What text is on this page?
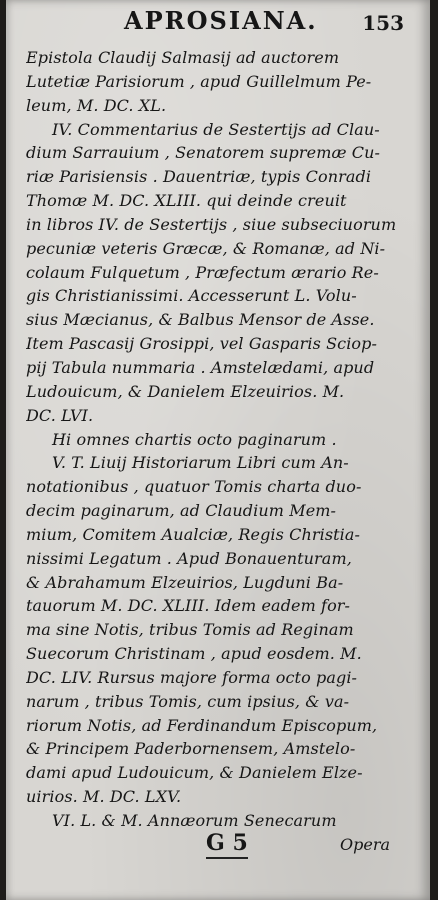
APROSIANA. 153
Epistola Claudij Salmasij ad auctorem
Lutetiæ Parisiorum , apud Guillelmum Pe-
leum, M. DC. XL.
IV. Commentarius de Sestertijs ad Clau-
dium Sarrauium , Senatorem supremæ Cu-
riæ Parisiensis . Dauentriæ, typis Conradi
Thomæ M. DC. XLIII. qui deinde creuit
in libros IV. de Sestertijs , siue subseciuorum
pecuniæ veteris Græcæ, & Romanæ, ad Ni-
colaum Fulquetum , Præfectum ærario Re-
gis Christianissimi. Accesserunt L. Volu-
sius Mæcianus, & Balbus Mensor de Asse.
Item Pascasij Grosippi, vel Gasparis Sciop-
pij Tabula nummaria . Amstelædami, apud
Ludouicum, & Danielem Elzeuirios. M.
DC. LVI.
Hi omnes chartis octo paginarum .
V. T. Liuij Historiarum Libri cum An-
notationibus , quatuor Tomis charta duo-
decim paginarum, ad Claudium Mem-
mium, Comitem Aualciæ, Regis Christia-
nissimi Legatum . Apud Bonauenturam,
& Abrahamum Elzeuirios, Lugduni Ba-
tauorum M. DC. XLIII. Idem eadem for-
ma sine Notis, tribus Tomis ad Reginam
Suecorum Christinam , apud eosdem. M.
DC. LIV. Rursus majore forma octo pagi-
narum , tribus Tomis, cum ipsius, & va-
riorum Notis, ad Ferdinandum Episcopum,
& Principem Paderbornensem, Amstelo-
dami apud Ludouicum, & Danielem Elze-
uirios. M. DC. LXV.
VI. L. & M. Annæorum Senecarum
G 5	Opera
